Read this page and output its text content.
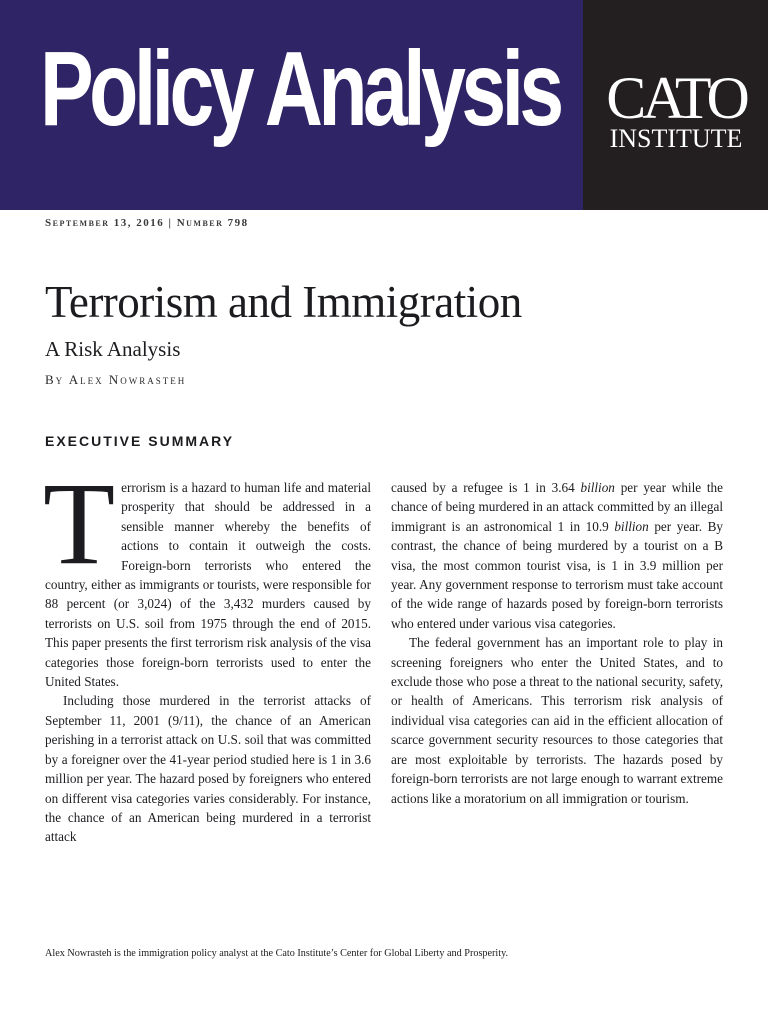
Policy Analysis CATO
INSTITUTE
September 13, 2016 | Number 798
Terrorism and Immigration
A Risk Analysis
By Alex Nowrasteh
EXECUTIVE SUMMARY

Terrorism is a hazard to human life and material prosperity that should be addressed in a sensible manner whereby the benefits of actions to contain it outweigh the costs. Foreign-born terrorists who entered the country, either as immigrants or tourists, were responsible for 88 percent (or 3,024) of the 3,432 murders caused by terrorists on U.S. soil from 1975 through the end of 2015. This paper presents the first terrorism risk analysis of the visa categories those foreign-born terrorists used to enter the United States.

Including those murdered in the terrorist attacks of September 11, 2001 (9/11), the chance of an American perishing in a terrorist attack on U.S. soil that was committed by a foreigner over the 41-year period studied here is 1 in 3.6 million per year. The hazard posed by foreigners who entered on different visa categories varies considerably. For instance, the chance of an American being murdered in a terrorist attack

caused by a refugee is 1 in 3.64 billion per year while the chance of being murdered in an attack committed by an illegal immigrant is an astronomical 1 in 10.9 billion per year. By contrast, the chance of being murdered by a tourist on a B visa, the most common tourist visa, is 1 in 3.9 million per year. Any government response to terrorism must take account of the wide range of hazards posed by foreign-born terrorists who entered under various visa categories.

The federal government has an important role to play in screening foreigners who enter the United States, and to exclude those who pose a threat to the national security, safety, or health of Americans. This terrorism risk analysis of individual visa categories can aid in the efficient allocation of scarce government security resources to those categories that are most exploitable by terrorists. The hazards posed by foreign-born terrorists are not large enough to warrant extreme actions like a moratorium on all immigration or tourism.

Alex Nowrasteh is the immigration policy analyst at the Cato Institute’s Center for Global Liberty and Prosperity.
